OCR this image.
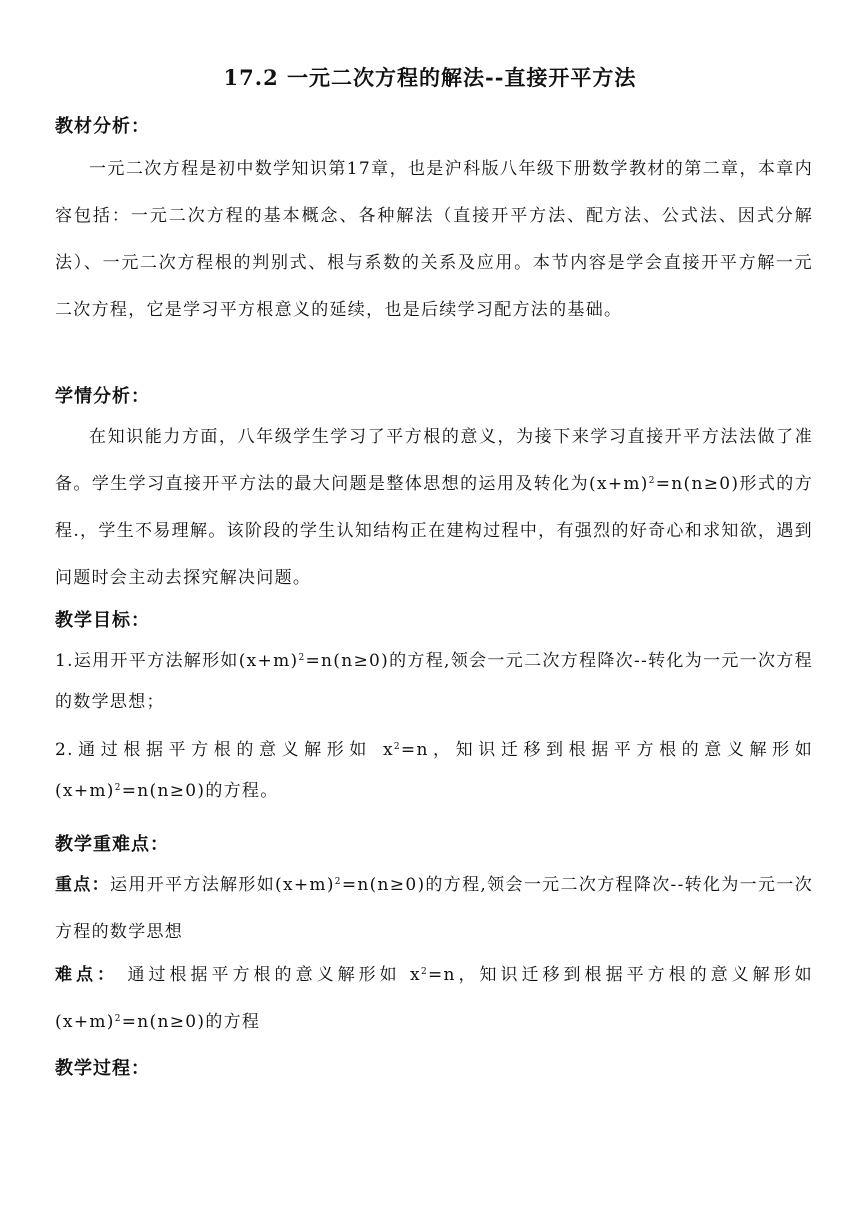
17.2 一元二次方程的解法--直接开平方法
教材分析：
一元二次方程是初中数学知识第17章，也是沪科版八年级下册数学教材的第二章，本章内容包括：一元二次方程的基本概念、各种解法（直接开平方法、配方法、公式法、因式分解法）、一元二次方程根的判别式、根与系数的关系及应用。本节内容是学会直接开平方解一元二次方程，它是学习平方根意义的延续，也是后续学习配方法的基础。
学情分析：
在知识能力方面，八年级学生学习了平方根的意义，为接下来学习直接开平方法法做了准备。学生学习直接开平方法的最大问题是整体思想的运用及转化为$(x+m)^2=n(n\ge 0)$形式的方程.，学生不易理解。该阶段的学生认知结构正在建构过程中，有强烈的好奇心和求知欲，遇到问题时会主动去探究解决问题。
教学目标：
1.运用开平方法解形如$(x+m)^2=n(n\ge 0)$的方程,领会一元二次方程降次--转化为一元一次方程的数学思想；
2.通过根据平方根的意义解形如 $x^2=n$，知识迁移到根据平方根的意义解形如$(x+m)^2=n(n\ge 0)$的方程。
教学重难点：
重点：运用开平方法解形如$(x+m)^2=n(n\ge 0)$的方程,领会一元二次方程降次--转化为一元一次方程的数学思想
难点： 通过根据平方根的意义解形如 $x^2=n$，知识迁移到根据平方根的意义解形如$(x+m)^2=n(n\ge 0)$的方程
教学过程：
